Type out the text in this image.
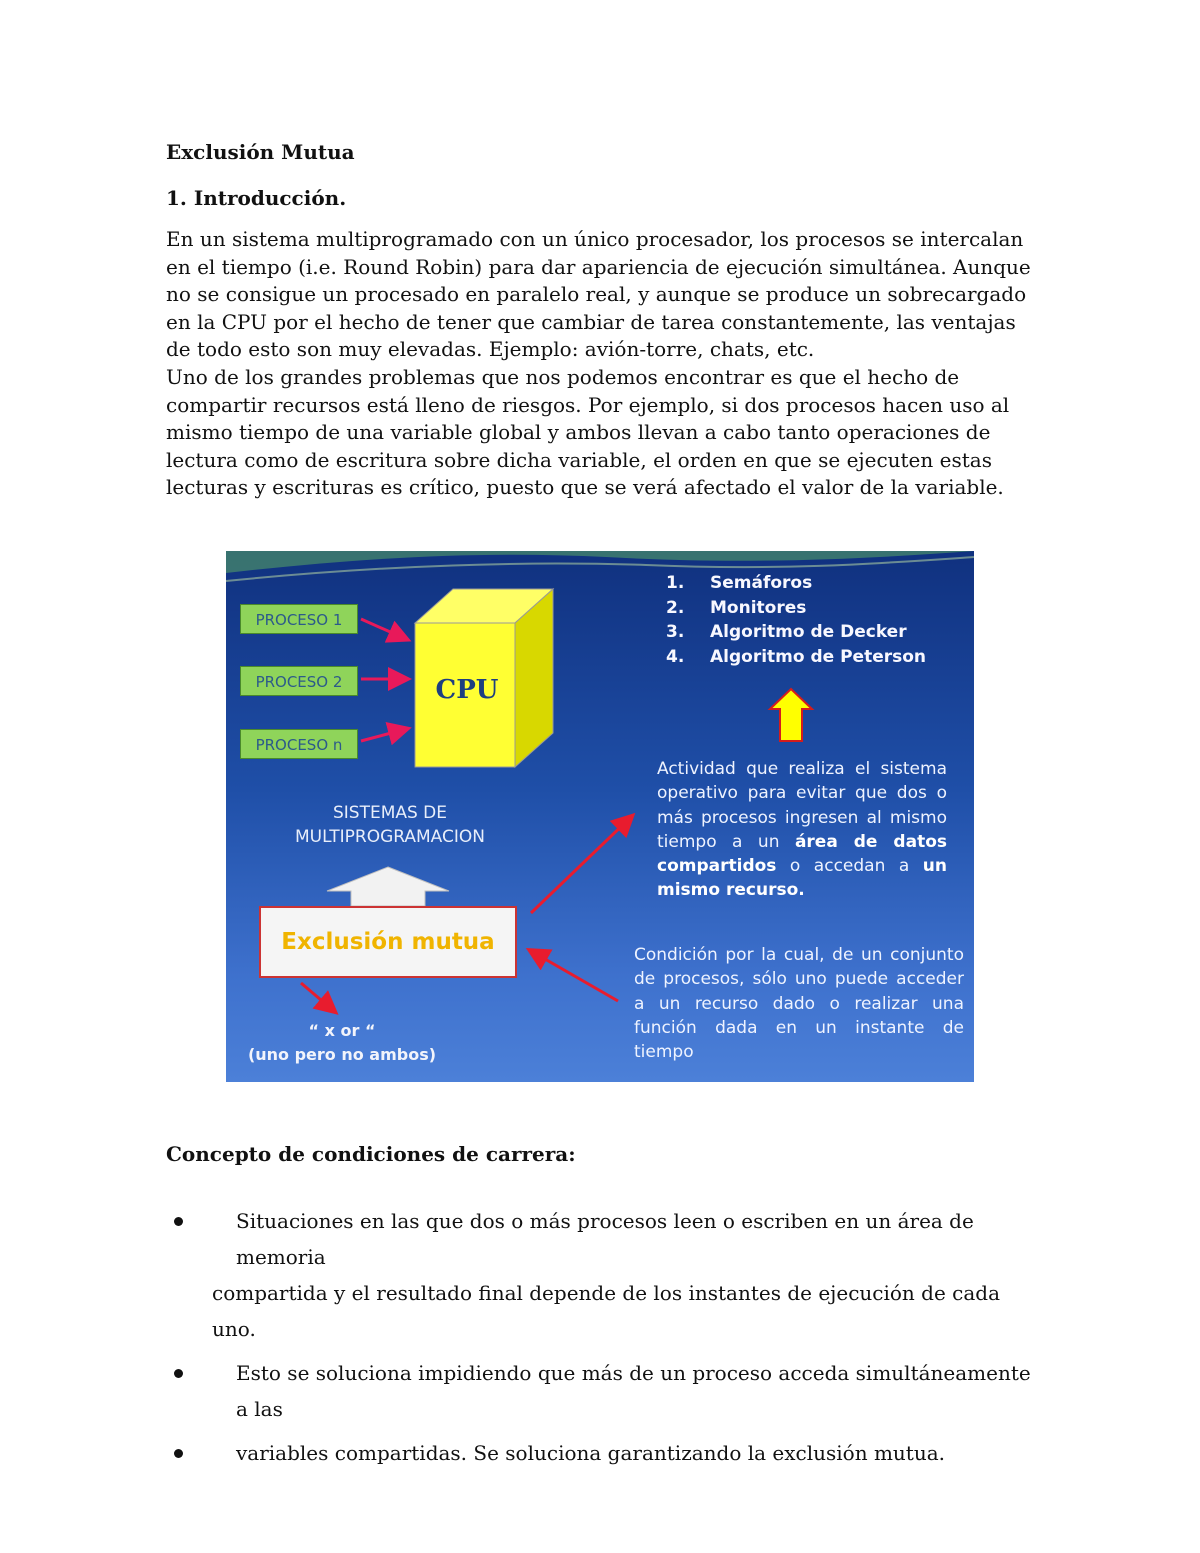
Exclusión Mutua
1. Introducción.

En un sistema multiprogramado con un único procesador, los procesos se intercalan en el tiempo (i.e. Round Robin) para dar apariencia de ejecución simultánea. Aunque no se consigue un procesado en paralelo real, y aunque se produce un sobrecargado en la CPU por el hecho de tener que cambiar de tarea constantemente, las ventajas de todo esto son muy elevadas. Ejemplo: avión-torre, chats, etc.

Uno de los grandes problemas que nos podemos encontrar es que el hecho de compartir recursos está lleno de riesgos. Por ejemplo, si dos procesos hacen uso al mismo tiempo de una variable global y ambos llevan a cabo tanto operaciones de lectura como de escritura sobre dicha variable, el orden en que se ejecuten estas lecturas y escrituras es crítico, puesto que se verá afectado el valor de la variable.

PROCESO 1
PROCESO 2
PROCESO n
CPU
SISTEMAS DE
MULTIPROGRAMACION
Exclusión mutua
“ x or “
(uno pero no ambos)
1.	Semáforos
2.	Monitores
3.	Algoritmo de Decker
4.	Algoritmo de Peterson

Actividad que realiza el sistema operativo para evitar que dos o más procesos ingresen al mismo tiempo a un área de datos compartidos o accedan a un mismo recurso.

Condición por la cual, de un conjunto de procesos, sólo uno puede acceder a un recurso dado o realizar una función dada en un instante de tiempo

Concepto de condiciones de carrera:
Situaciones en las que dos o más procesos leen o escriben en un área de memoria
compartida y el resultado final depende de los instantes de ejecución de cada uno.
Esto se soluciona impidiendo que más de un proceso acceda simultáneamente a las
variables compartidas. Se soluciona garantizando la exclusión mutua.
